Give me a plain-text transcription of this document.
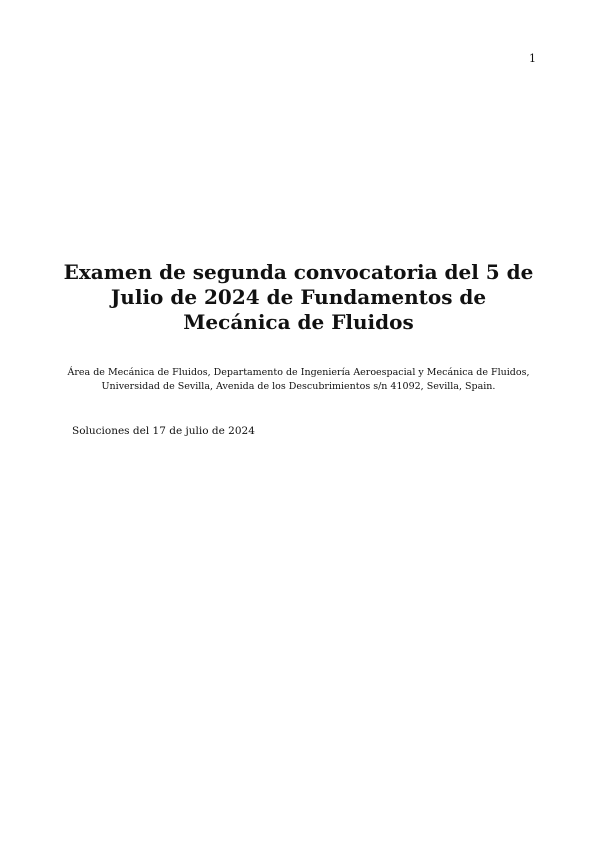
1
Examen de segunda convocatoria del 5 de Julio de 2024 de Fundamentos de Mecánica de Fluidos

Área de Mecánica de Fluidos, Departamento de Ingeniería Aeroespacial y Mecánica de Fluidos,
Universidad de Sevilla, Avenida de los Descubrimientos s/n 41092, Sevilla, Spain.

Soluciones del 17 de julio de 2024
